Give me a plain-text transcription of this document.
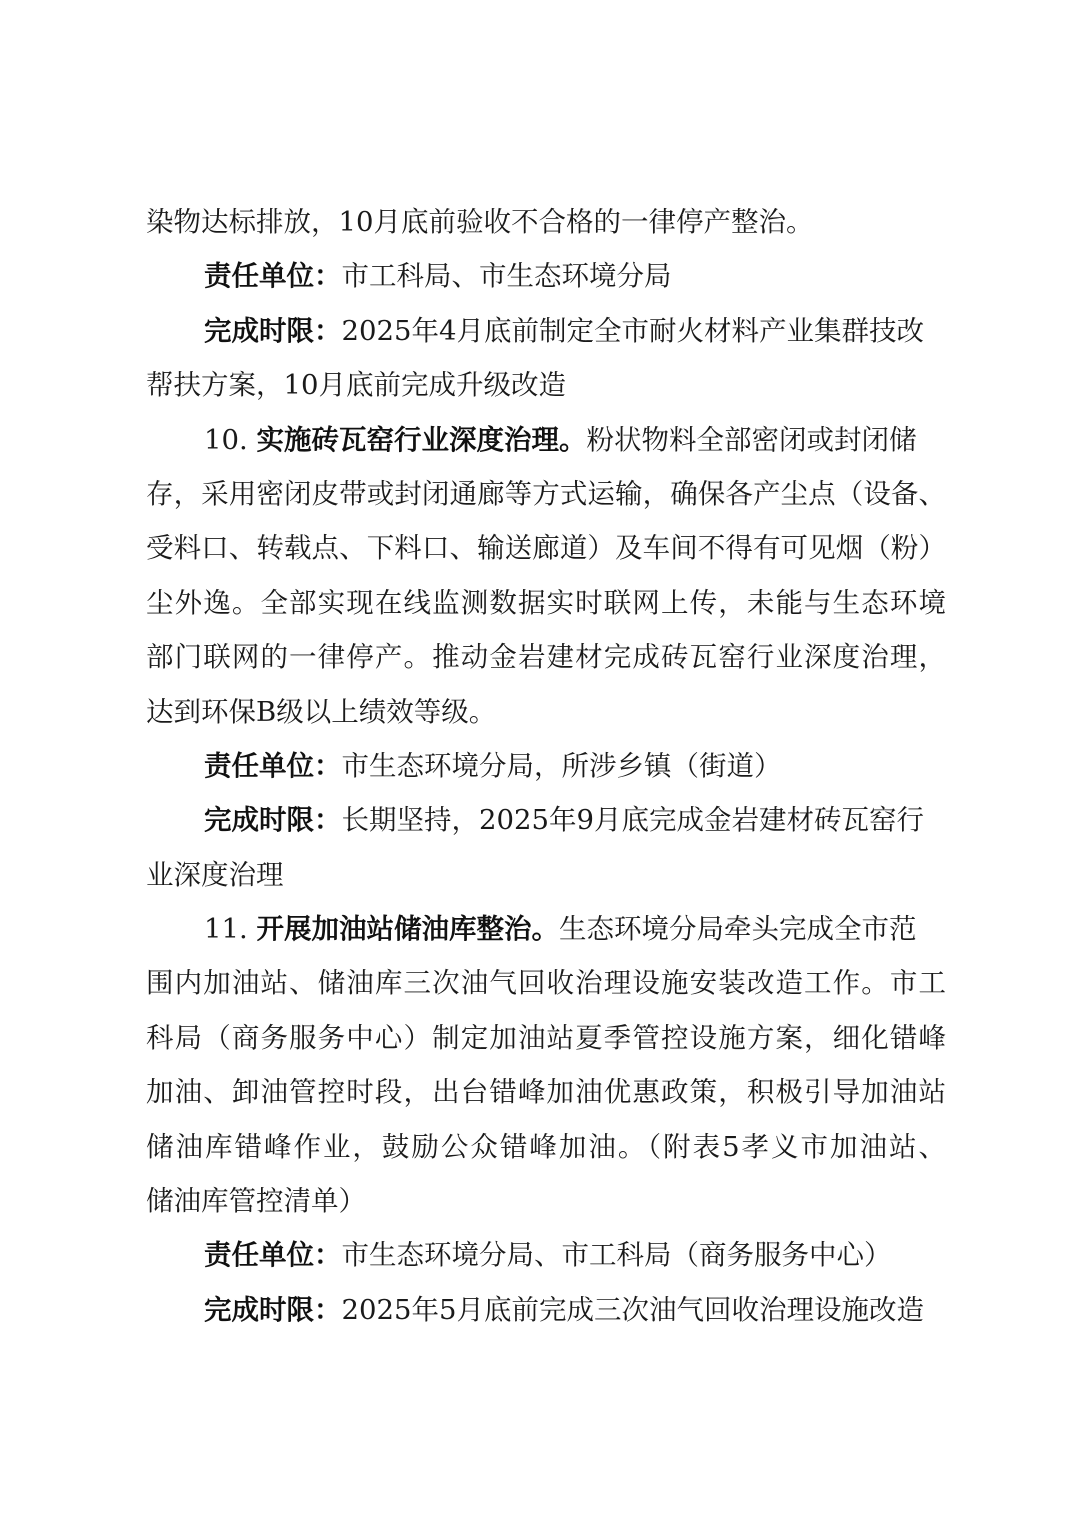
染物达标排放，10月底前验收不合格的一律停产整治。
责任单位：市工科局、市生态环境分局
完成时限：2025年4月底前制定全市耐火材料产业集群技改
帮扶方案，10月底前完成升级改造
10. 实施砖瓦窑行业深度治理。粉状物料全部密闭或封闭储
存，采用密闭皮带或封闭通廊等方式运输，确保各产尘点（设备、
受料口、转载点、下料口、输送廊道）及车间不得有可见烟（粉）
尘外逸。全部实现在线监测数据实时联网上传，未能与生态环境
部门联网的一律停产。推动金岩建材完成砖瓦窑行业深度治理，
达到环保B级以上绩效等级。
责任单位：市生态环境分局，所涉乡镇（街道）
完成时限：长期坚持，2025年9月底完成金岩建材砖瓦窑行
业深度治理
11. 开展加油站储油库整治。生态环境分局牵头完成全市范
围内加油站、储油库三次油气回收治理设施安装改造工作。市工
科局（商务服务中心）制定加油站夏季管控设施方案，细化错峰
加油、卸油管控时段，出台错峰加油优惠政策，积极引导加油站
储油库错峰作业，鼓励公众错峰加油。（附表5孝义市加油站、
储油库管控清单）
责任单位：市生态环境分局、市工科局（商务服务中心）
完成时限：2025年5月底前完成三次油气回收治理设施改造
